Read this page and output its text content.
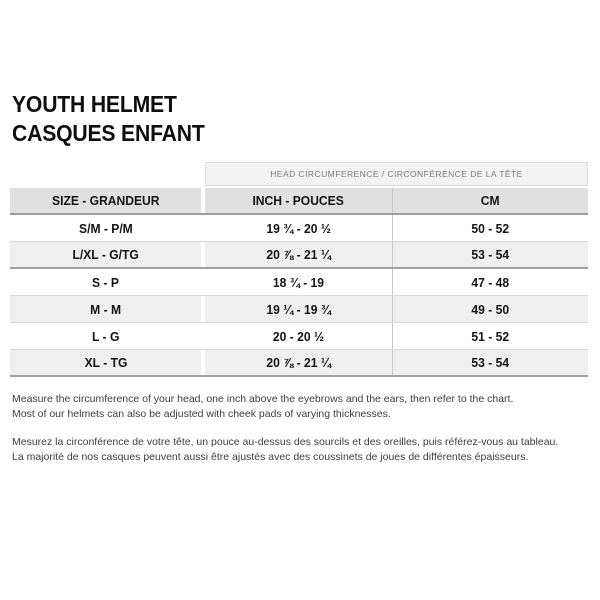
YOUTH HELMET
CASQUES ENFANT
HEAD CIRCUMFERENCE / CIRCONFÉRENCE DE LA TÊTE
SIZE - GRANDEUR	INCH - POUCES	CM
S/M - P/M	19 ¾ - 20 ½	50 - 52
L/XL - G/TG	20 ⅞ - 21 ¼	53 - 54
S - P	18 ¾ - 19	47 - 48
M - M	19 ¼ - 19 ¾	49 - 50
L - G	20 - 20 ½	51 - 52
XL - TG	20 ⅞ - 21 ¼	53 - 54
Measure the circumference of your head, one inch above the eyebrows and the ears, then refer to the chart.
Most of our helmets can also be adjusted with cheek pads of varying thicknesses.
Mesurez la circonférence de votre tête, un pouce au-dessus des sourcils et des oreilles, puis référez-vous au tableau.
La majorité de nos casques peuvent aussi être ajustés avec des coussinets de joues de différentes épaisseurs.
